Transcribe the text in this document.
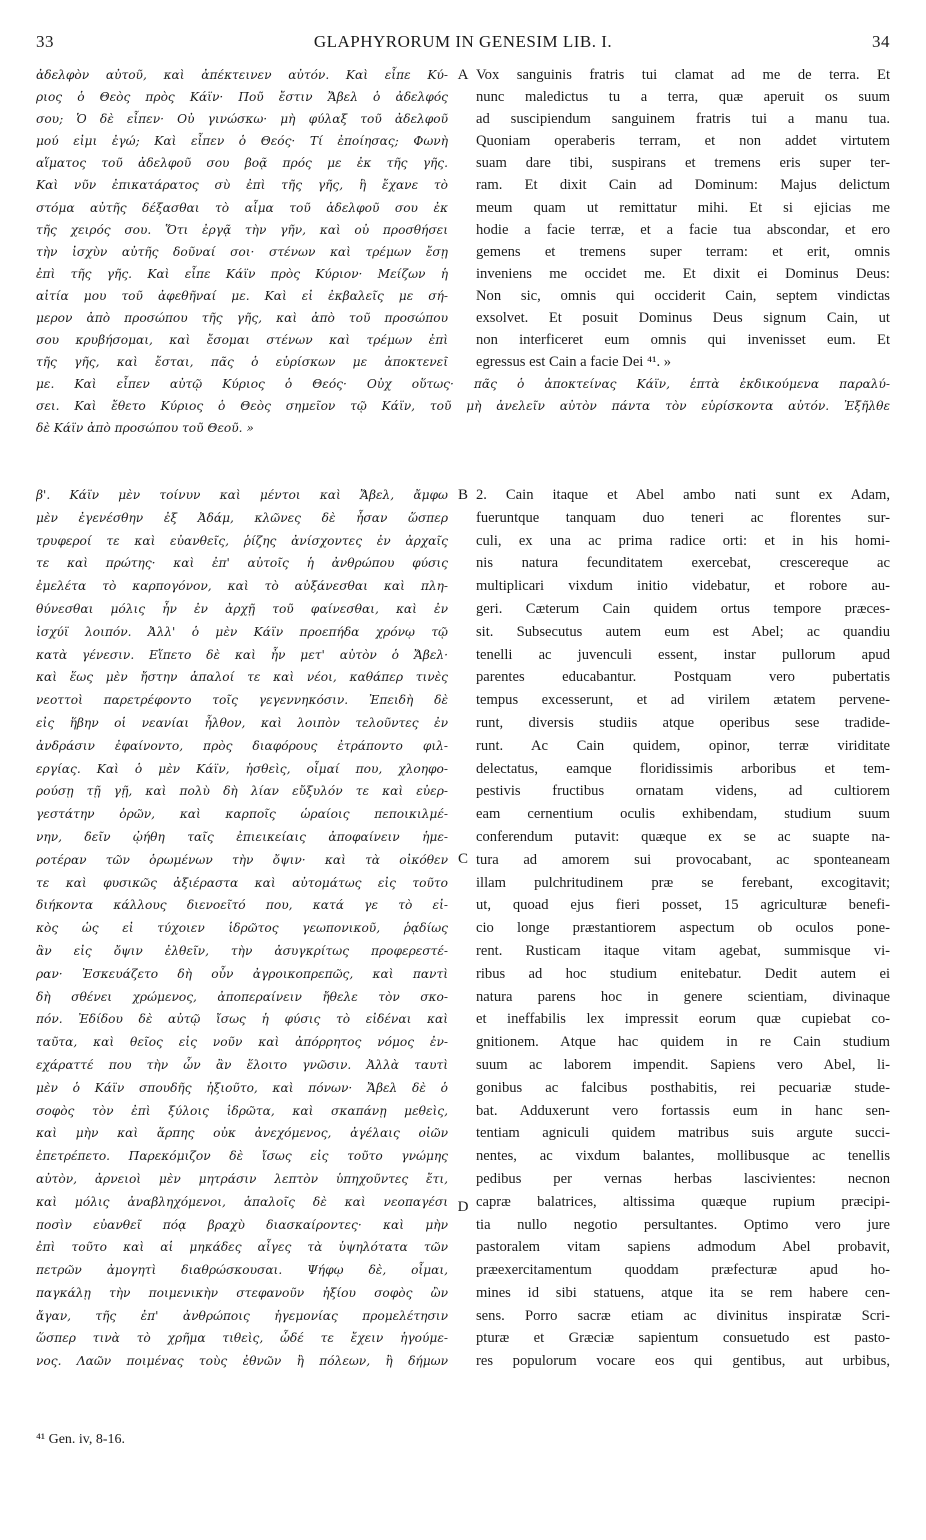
33	GLAPHYRORUM IN GENESIM LIB. I.	34
ἀδελφὸν αὐτοῦ, καὶ ἀπέκτεινεν αὐτόν. Καὶ εἶπε Κύ-
ριος ὁ Θεὸς πρὸς Κάϊν· Ποῦ ἔστιν Ἄβελ ὁ ἀδελφός
σου; Ὁ δὲ εἶπεν· Οὐ γινώσκω· μὴ φύλαξ τοῦ ἀδελφοῦ
μού εἰμι ἐγώ; Καὶ εἶπεν ὁ Θεός· Τί ἐποίησας; Φωνὴ
αἵματος τοῦ ἀδελφοῦ σου βοᾷ πρός με ἐκ τῆς γῆς.
Καὶ νῦν ἐπικατάρατος σὺ ἐπὶ τῆς γῆς, ἣ ἔχανε τὸ
στόμα αὐτῆς δέξασθαι τὸ αἷμα τοῦ ἀδελφοῦ σου ἐκ
τῆς χειρός σου. Ὅτι ἐργᾷ τὴν γῆν, καὶ οὐ προσθήσει
τὴν ἰσχὺν αὐτῆς δοῦναί σοι· στένων καὶ τρέμων ἔσῃ
ἐπὶ τῆς γῆς. Καὶ εἶπε Κάϊν πρὸς Κύριον· Μείζων ἡ
αἰτία μου τοῦ ἀφεθῆναί με. Καὶ εἰ ἐκβαλεῖς με σή-
μερον ἀπὸ προσώπου τῆς γῆς, καὶ ἀπὸ τοῦ προσώπου
σου κρυβήσομαι, καὶ ἔσομαι στένων καὶ τρέμων ἐπὶ
τῆς γῆς, καὶ ἔσται, πᾶς ὁ εὑρίσκων με ἀποκτενεῖ
A Vox sanguinis fratris tui clamat ad me de terra. Et
nunc maledictus tu a terra, quæ aperuit os suum
ad suscipiendum sanguinem fratris tui a manu tua.
Quoniam operaberis terram, et non addet virtutem
suam dare tibi, suspirans et tremens eris super ter-
ram. Et dixit Cain ad Dominum: Majus delictum
meum quam ut remittatur mihi. Et si ejicias me
hodie a facie terræ, et a facie tua abscondar, et ero
gemens et tremens super terram: et erit, omnis
inveniens me occidet me. Et dixit ei Dominus Deus:
Non sic, omnis qui occiderit Cain, septem vindictas
exsolvet. Et posuit Dominus Deus signum Cain, ut
non interficeret eum omnis qui invenisset eum. Et
egressus est Cain a facie Dei ⁴¹. »
με. Καὶ εἶπεν αὐτῷ Κύριος ὁ Θεός· Οὐχ οὕτως· πᾶς ὁ ἀποκτείνας Κάϊν, ἑπτὰ ἐκδικούμενα παραλύ-
σει. Καὶ ἔθετο Κύριος ὁ Θεὸς σημεῖον τῷ Κάϊν, τοῦ μὴ ἀνελεῖν αὐτὸν πάντα τὸν εὑρίσκοντα αὐτόν. Ἐξῆλθε
δὲ Κάϊν ἀπὸ προσώπου τοῦ Θεοῦ. »
β'. Κάϊν μὲν τοίνυν καὶ μέντοι καὶ Ἄβελ, ἄμφω
μὲν ἐγενέσθην ἐξ Ἀδάμ, κλῶνες δὲ ἦσαν ὥσπερ
τρυφεροί τε καὶ εὐανθεῖς, ῥίζης ἀνίσχοντες ἐν ἀρχαῖς
τε καὶ πρώτης· καὶ ἐπ' αὐτοῖς ἡ ἀνθρώπου φύσις
ἐμελέτα τὸ καρπογόνον, καὶ τὸ αὐξάνεσθαι καὶ πλη-
θύνεσθαι μόλις ἦν ἐν ἀρχῇ τοῦ φαίνεσθαι, καὶ ἐν
ἰσχύϊ λοιπόν. Ἀλλ' ὁ μὲν Κάϊν προεπήδα χρόνῳ τῷ
κατὰ γένεσιν. Εἵπετο δὲ καὶ ἦν μετ' αὐτὸν ὁ Ἄβελ·
καὶ ἕως μὲν ἤστην ἁπαλοί τε καὶ νέοι, καθάπερ τινὲς
νεοττοὶ παρετρέφοντο τοῖς γεγεννηκόσιν. Ἐπειδὴ δὲ
εἰς ἥβην οἱ νεανίαι ἦλθον, καὶ λοιπὸν τελοῦντες ἐν
ἀνδράσιν ἐφαίνοντο, πρὸς διαφόρους ἐτράποντο φιλ-
εργίας. Καὶ ὁ μὲν Κάϊν, ἡσθεὶς, οἶμαί που, χλοηφο-
ρούσῃ τῇ γῇ, καὶ πολὺ δὴ λίαν εὔξυλόν τε καὶ εὐερ-
γεστάτην ὁρῶν, καὶ καρποῖς ὡραίοις πεποικιλμέ-
νην, δεῖν ᾠήθη ταῖς ἐπιεικείαις ἀποφαίνειν ἡμε-
ροτέραν τῶν ὁρωμένων τὴν ὄψιν· καὶ τὰ οἰκόθεν
τε καὶ φυσικῶς ἀξιέραστα καὶ αὐτομάτως εἰς τοῦτο
διήκοντα κάλλους διενοεῖτό που, κατά γε τὸ εἰ-
κὸς ὡς εἰ τύχοιεν ἱδρῶτος γεωπονικοῦ, ῥᾳδίως
ἂν εἰς ὄψιν ἐλθεῖν, τὴν ἀσυγκρίτως προφερεστέ-
ραν· Ἐσκευάζετο δὴ οὖν ἀγροικοπρεπῶς, καὶ παντὶ
δὴ σθένει χρώμενος, ἀποπεραίνειν ἤθελε τὸν σκο-
πόν. Ἐδίδου δὲ αὐτῷ ἴσως ἡ φύσις τὸ εἰδέναι καὶ
ταῦτα, καὶ θεῖος εἰς νοῦν καὶ ἀπόρρητος νόμος ἐν-
εχάραττέ που τὴν ὧν ἂν ἕλοιτο γνῶσιν. Ἀλλὰ ταυτὶ
μὲν ὁ Κάϊν σπουδῆς ἠξιοῦτο, καὶ πόνων· Ἄβελ δὲ ὁ
σοφὸς τὸν ἐπὶ ξύλοις ἱδρῶτα, καὶ σκαπάνῃ μεθεὶς,
καὶ μὴν καὶ ἅρπης οὐκ ἀνεχόμενος, ἀγέλαις οἰῶν
ἐπετρέπετο. Παρεκόμιζον δὲ ἴσως εἰς τοῦτο γνώμης
αὐτὸν, ἀρνειοὶ μὲν μητράσιν λεπτὸν ὑπηχοῦντες ἔτι,
καὶ μόλις ἀναβληχόμενοι, ἁπαλοῖς δὲ καὶ νεοπαγέσι
ποσὶν εὐανθεῖ πόᾳ βραχὺ διασκαίροντες· καὶ μὴν
ἐπὶ τοῦτο καὶ αἱ μηκάδες αἶγες τὰ ὑψηλότατα τῶν
πετρῶν ἀμογητὶ διαθρώσκουσαι. Ψήφῳ δὲ, οἶμαι,
παγκάλῃ τὴν ποιμενικὴν στεφανοῦν ἠξίου σοφὸς ὢν
ἄγαν, τῆς ἐπ' ἀνθρώποις ἡγεμονίας προμελέτησιν
ὥσπερ τινὰ τὸ χρῆμα τιθεὶς, ὧδέ τε ἔχειν ἡγούμε-
νος. Λαῶν ποιμένας τοὺς ἐθνῶν ἢ πόλεων, ἢ δήμων
B
C
D
2. Cain itaque et Abel ambo nati sunt ex Adam,
fueruntque tanquam duo teneri ac florentes sur-
culi, ex una ac prima radice orti: et in his homi-
nis natura fecunditatem exercebat, crescereque ac
multiplicari vixdum initio videbatur, et robore au-
geri. Cæterum Cain quidem ortus tempore præces-
sit. Subsecutus autem eum est Abel; ac quandiu
tenelli ac juvenculi essent, instar pullorum apud
parentes educabantur. Postquam vero pubertatis
tempus excesserunt, et ad virilem ætatem pervene-
runt, diversis studiis atque operibus sese tradide-
runt. Ac Cain quidem, opinor, terræ viriditate
delectatus, eamque floridissimis arboribus et tem-
pestivis fructibus ornatam videns, ad cultiorem
eam cernentium oculis exhibendam, studium suum
conferendum putavit: quæque ex se ac suapte na-
tura ad amorem sui provocabant, ac sponteaneam
illam pulchritudinem præ se ferebant, excogitavit;
ut, quoad ejus fieri posset, 15 agriculturæ benefi-
cio longe præstantiorem aspectum ob oculos pone-
rent. Rusticam itaque vitam agebat, summisque vi-
ribus ad hoc studium enitebatur. Dedit autem ei
natura parens hoc in genere scientiam, divinaque
et ineffabilis lex impressit eorum quæ cupiebat co-
gnitionem. Atque hac quidem in re Cain studium
suum ac laborem impendit. Sapiens vero Abel, li-
gonibus ac falcibus posthabitis, rei pecuariæ stude-
bat. Adduxerunt vero fortassis eum in hanc sen-
tentiam agniculi quidem matribus suis argute succi-
nentes, ac vixdum balantes, mollibusque ac tenellis
pedibus per vernas herbas lascivientes: necnon
capræ balatrices, altissima quæque rupium præcipi-
tia nullo negotio persultantes. Optimo vero jure
pastoralem vitam sapiens admodum Abel probavit,
præexercitamentum quoddam præfecturæ apud ho-
mines id sibi statuens, atque ita se rem habere cen-
sens. Porro sacræ etiam ac divinitus inspiratæ Scri-
pturæ et Græciæ sapientum consuetudo est pasto-
res populorum vocare eos qui gentibus, aut urbibus,
⁴¹ Gen. iv, 8-16.
